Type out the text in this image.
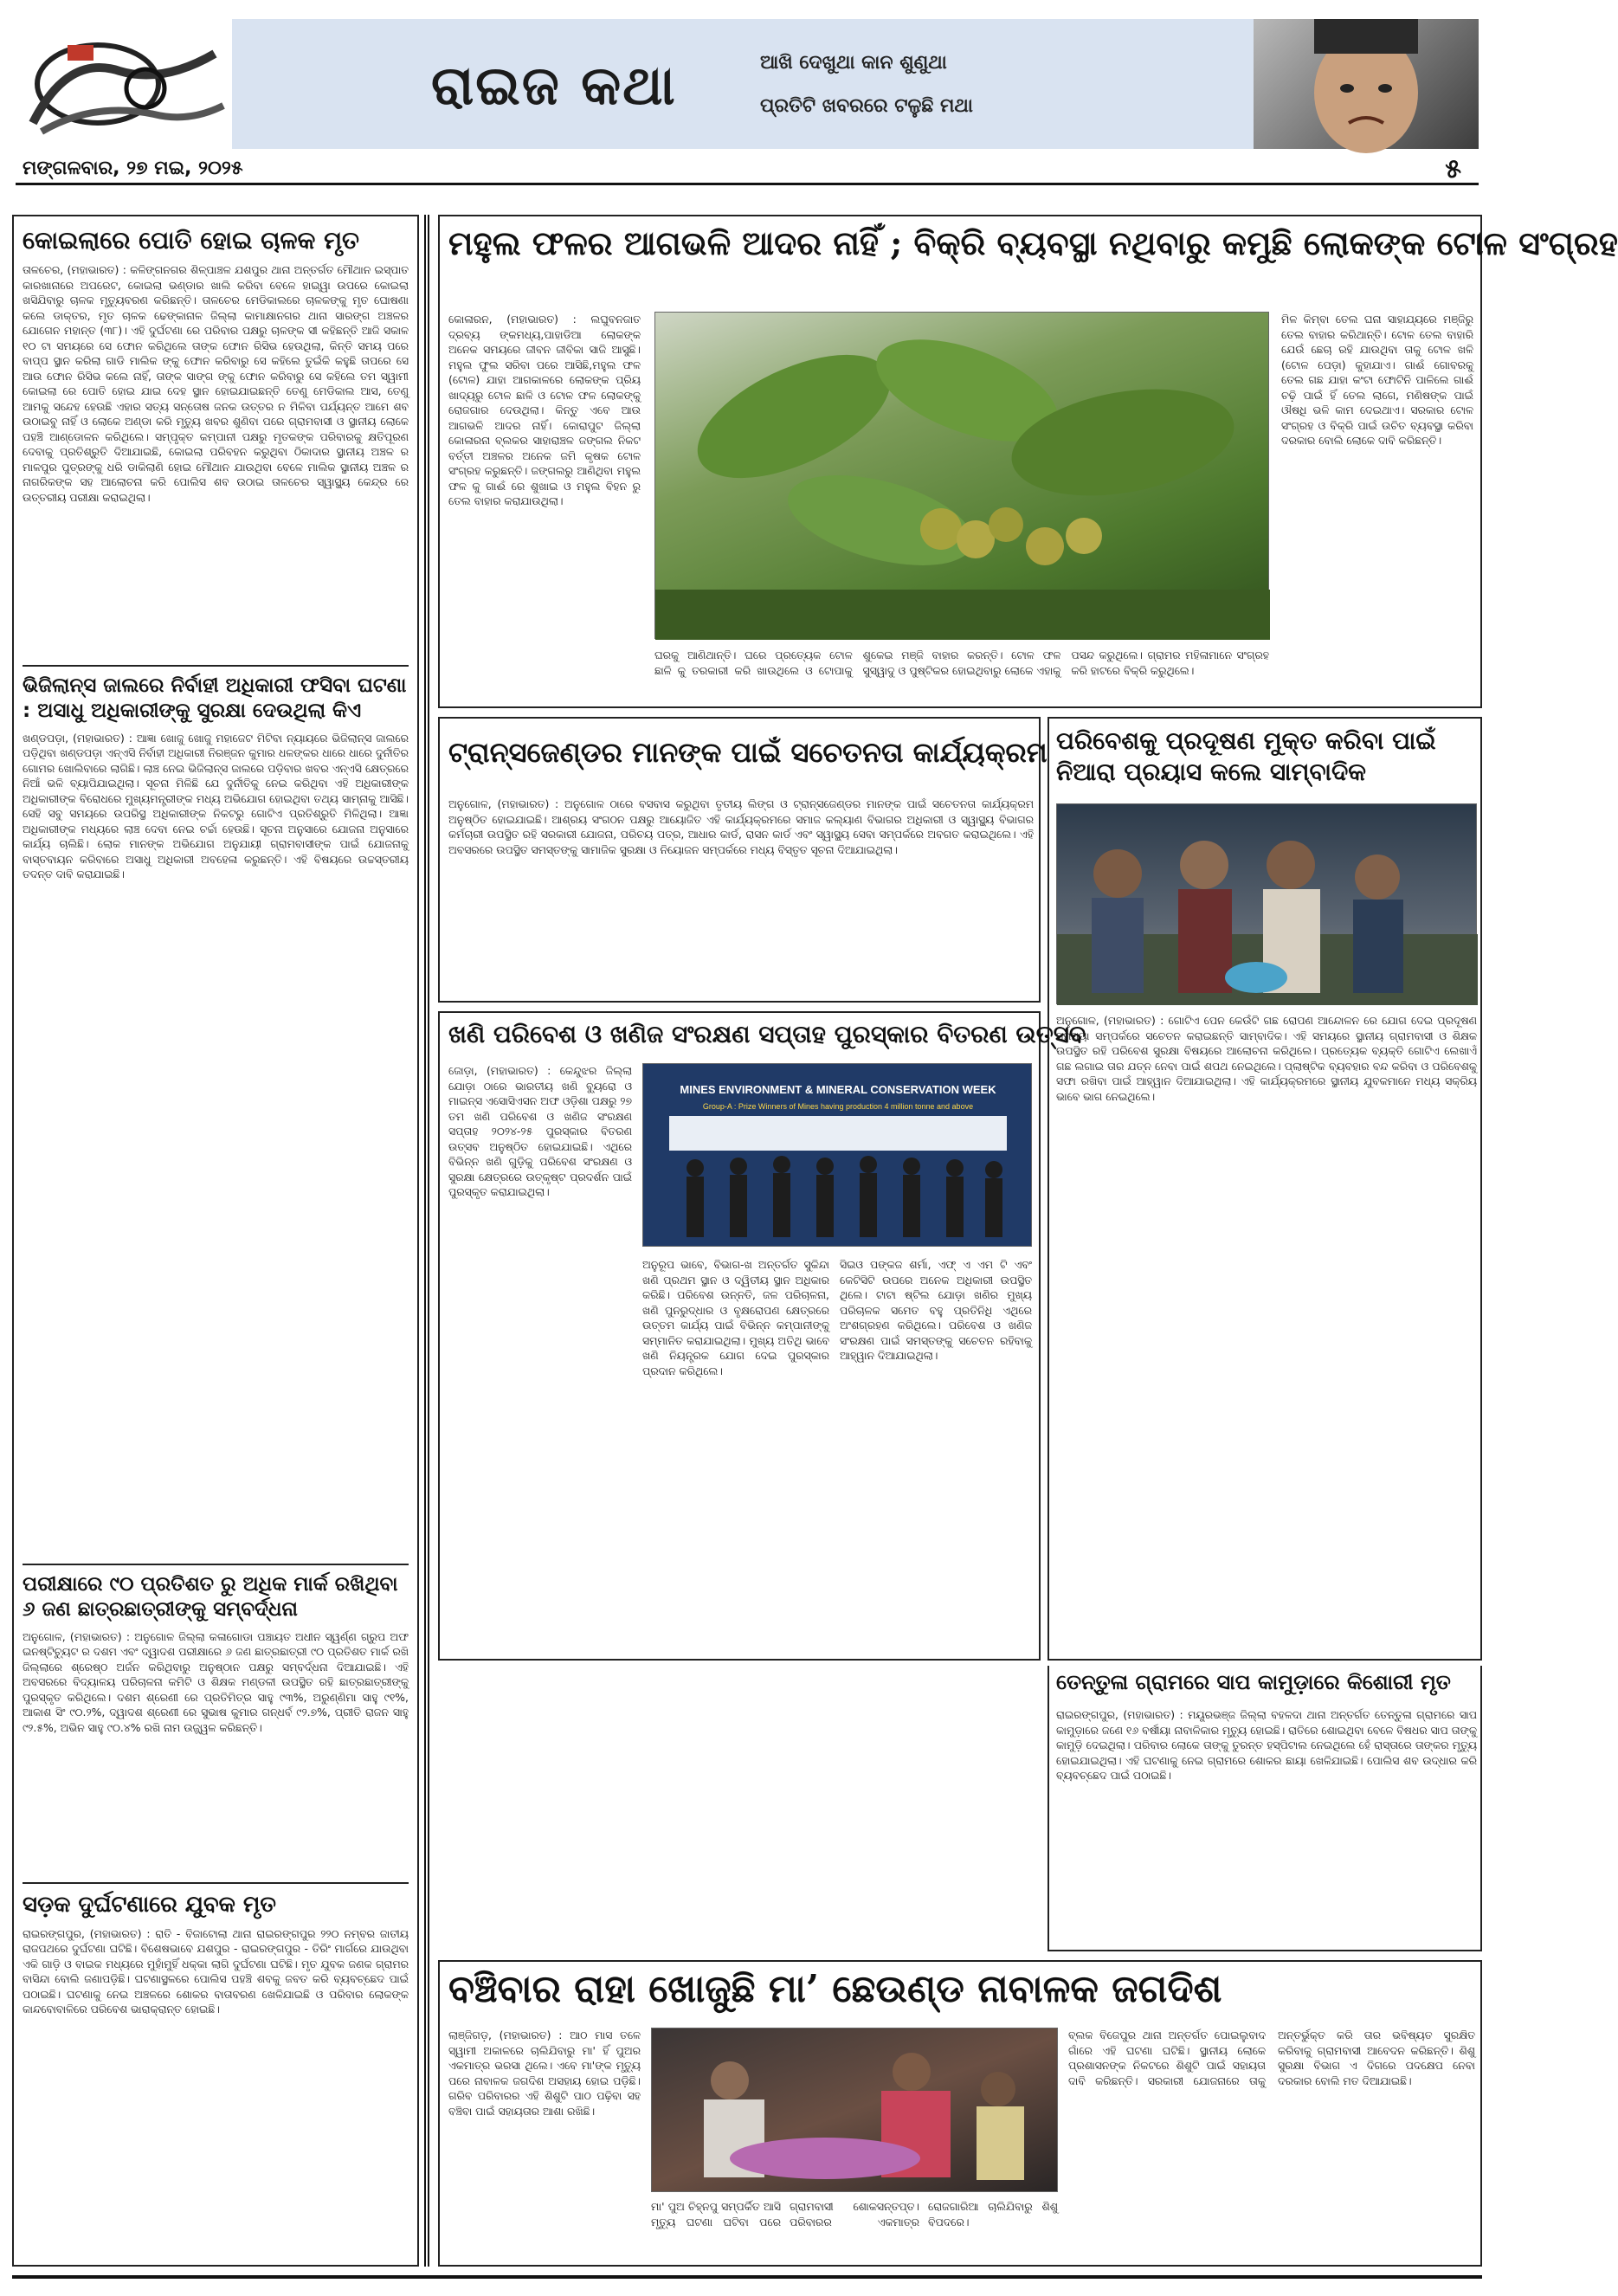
ରାଇଜ କଥା	ଆଖି ଦେଖୁଥା କାନ ଶୁଣୁଥା
ପ୍ରତିଟି ଖବରରେ ଟଳୁଛି ମଥା
ମଙ୍ଗଳବାର, ୨୭ ମଇ, ୨୦୨୫	୫
କୋଇଲାରେ ପୋତି ହୋଇ ଚାଳକ ମୃତ
ତାଳଚେର, (ମହାଭାରତ) : କଳିଙ୍ଗନଗର ଶିଳ୍ପାଞ୍ଚଳ ଯଶପୁର ଥାନା ଅନ୍ତର୍ଗତ ମୌଥାନ ଇସ୍ପାତ କାରଖାନାରେ ଅପରେଟ, କୋଇଲା ଭଣ୍ଡାର ଖାଲି କରିବା ବେଳେ ହାଇ୍ୱା ଉପରେ କୋଇଲା ଖସିଯିବାରୁ ଚାଳକ ମୃତ୍ୟୁବରଣ କରିଛନ୍ତି। ତାଳଚେର ମେଡିକାଲରେ ଚାଳକଙ୍କୁ ମୃତ ଘୋଷଣା କଲେ ଡାକ୍ତର, ମୃତ ଚାଳକ ଢେଙ୍କାନାଳ ଜିଲ୍ଲା କାମାକ୍ଷାନଗର ଥାନା ସାରଙ୍ଗ ଅଞ୍ଚଳର ଯୋଗେନ ମହାନ୍ତ (୩୮)। ଏହି ଦୁର୍ଘଟଣା ରେ ପରିବାର ପକ୍ଷରୁ ଚାଳଙ୍କ ସୀ କହିଛନ୍ତି ଆଜି ସକାଳ ୧୦ ଟା ସମୟରେ ସେ ଫୋନ କରିଥିଲେ ତାଙ୍କ ଫୋନ ରିସିଭ ହେଉଥିଲା, କିନ୍ତି ସମୟ ପରେ ବାପ୍ପ ସ୍ଥାନ କରିଲା ଗାଡି ମାଲିକ ଙ୍କୁ ଫୋନ କରିବାରୁ ସେ କହିଲେ ତୁଇଁକି କହୁଛି ତାପରେ ସେ ଆଉ ଫୋନ ରିସିଭ କଲେ ନାହିଁ, ତାଙ୍କ ସାଙ୍ଗ ଙ୍କୁ ଫୋନ କରିବାରୁ ସେ କହିଲେ ତମ ସ୍ୱାମୀ କୋଇଲା ରେ ପୋତି ହୋଇ ଯାଇ ଦେହ ସ୍ଥାନ ହୋଇଯାଇଛନ୍ତି ତେଣୁ ମେଡିକାଲ ଆସ, ତେଣୁ ଆମକୁ ସନ୍ଦେହ ହେଉଛି ଏହାର ସତ୍ୟ ସନ୍ତୋଷ ଜନକ ଉତ୍ତର ନ ମିଳିବା ପର୍ଯ୍ୟନ୍ତ ଆମେ ଶବ ଉଠାଇବୁ ନାହିଁ ଓ ଲୋକେ ଅଣ୍ଡା କରି ମୃତ୍ୟୁ ଖବର ଶୁଣିବା ପରେ ଗ୍ରାମବାସୀ ଓ ସ୍ଥାନୀୟ ଲୋକେ ପହଞ୍ଚି ଆଣ୍ଡୋଳନ କରିଥିଲେ। ସମ୍ପୃକ୍ତ କମ୍ପାନୀ ପକ୍ଷରୁ ମୃତକଙ୍କ ପରିବାରକୁ କ୍ଷତିପୂରଣ ଦେବାକୁ ପ୍ରତିଶ୍ରୁତି ଦିଆଯାଇଛି, କୋଇଲା ପରିବହନ କରୁଥିବା ଠିକାଦାର ସ୍ଥାନୀୟ ଅଞ୍ଚଳ ର ମାଳପୁର ପୁତ୍ରଙ୍କୁ ଧରି ଡାକିଲାଣି ହୋଇ ମୌଥାନ ଯାଉଥିବା ବେଳେ ମାଲିକ ସ୍ଥାନୀୟ ଅଞ୍ଚଳ ର ନାଗରିକଙ୍କ ସହ ଆଲୋଚନା କରି ପୋଲିସ ଶବ ଉଠାଇ ତାଳଚେର ସ୍ୱାସ୍ଥ୍ୟ କେନ୍ଦ୍ର ରେ ଉତ୍ତରୀୟ ପରୀକ୍ଷା କରାଇଥିଲା।
ଭିଜିଲାନ୍ସ ଜାଲରେ ନିର୍ବାହୀ ଅଧିକାରୀ ଫସିବା ଘଟଣା : ଅସାଧୁ ଅଧିକାରୀଙ୍କୁ ସୁରକ୍ଷା ଦେଉଥିଲା କିଏ
ଖଣ୍ଡପଡ଼ା, (ମହାଭାରତ) : ଆଜ୍ଞା ଖୋଜୁ ଖୋଜୁ ମହାଜେଟ ମିଟିବା ନ୍ୟାୟରେ ଭିଜିଲାନ୍ସ ଜାଲରେ ପଡ଼ିଥିବା ଖଣ୍ଡପଡ଼ା ଏନ୍ଏସି ନିର୍ବାହୀ ଅଧିକାରୀ ନିରଞ୍ଜନ କୁମାର ଧଳଙ୍କର ଧାରେ ଧାରେ ଦୁର୍ନୀତିର ଗୋମର ଖୋଲିବାରେ ଲାଗିଛି। ଲାଞ୍ଚ ନେଇ ଭିଜିଲାନ୍ସ ଜାଲରେ ପଡ଼ିବାର ଖବର ଏନ୍ଏସି କ୍ଷେତ୍ରରେ ନିଆଁ ଭଳି ବ୍ୟାପିଯାଇଥିଲା। ସୂଚନା ମିଳିଛି ଯେ ଦୁର୍ନୀତିକୁ ନେଇ କରିଥିବା ଏହି ଅଧିକାରୀଙ୍କ ଅଧିକାରୀଙ୍କ ବିରୋଧରେ ମୁଖ୍ୟମନ୍ତ୍ରୀଙ୍କ ମଧ୍ୟ ଅଭିଯୋଗ ହୋଇଥିବା ତଥ୍ୟ ସାମ୍ନାକୁ ଆସିଛି। ସେହି ସବୁ ସମୟରେ ଉପରିସ୍ଥ ଅଧିକାରୀଙ୍କ ନିକଟରୁ ଗୋଟିଏ ପ୍ରତିଶ୍ରୁତି ମିଳିଥିଲା। ଆଜ୍ଞା ଅଧିକାରୀଙ୍କ ମଧ୍ୟରେ ଲାଞ୍ଚ ଦେବା ନେଇ ଚର୍ଚ୍ଚା ହେଉଛି। ସୂଚନା ଅନୁସାରେ ଯୋଜନା ଅନୁସାରେ କାର୍ଯ୍ୟ ଚାଲିଛି। ଲୋକ ମାନଙ୍କ ଅଭିଯୋଗ ଅନୁଯାୟୀ ଗ୍ରାମବାସୀଙ୍କ ପାଇଁ ଯୋଜନାକୁ ବାସ୍ତବାୟନ କରିବାରେ ଅସାଧୁ ଅଧିକାରୀ ଅବହେଳା କରୁଛନ୍ତି। ଏହି ବିଷୟରେ ଉଚ୍ଚସ୍ତରୀୟ ତଦନ୍ତ ଦାବି କରାଯାଇଛି।
ପରୀକ୍ଷାରେ ୯୦ ପ୍ରତିଶତ ରୁ ଅଧିକ ମାର୍କ ରଖିଥିବା ୬ ଜଣ ଛାତ୍ରଛାତ୍ରୀଙ୍କୁ ସମ୍ବର୍ଦ୍ଧନା
ଅନୁଗୋଳ, (ମହାଭାରତ) : ଅନୁଗୋଳ ଜିଲ୍ଲା କଳାଗୋଡା ପଞ୍ଚାୟତ ଅଧୀନ ସ୍ୱର୍ଣ୍ଣ ଗ୍ରୁପ ଅଫ ଇନଷ୍ଟିଚ୍ୟୁଟ ର ଦଶମ ଏବଂ ଦ୍ୱାଦଶ ପରୀକ୍ଷାରେ ୬ ଜଣ ଛାତ୍ରଛାତ୍ରୀ ୯୦ ପ୍ରତିଶତ ମାର୍କ ରଖି ଜିଲ୍ଲାରେ ଶ୍ରେଷ୍ଠ ଅର୍ଜନ କରିଥିବାରୁ ଅନୁଷ୍ଠାନ ପକ୍ଷରୁ ସମ୍ବର୍ଦ୍ଧନା ଦିଆଯାଇଛି। ଏହି ଅବସରରେ ବିଦ୍ୟାଳୟ ପରିଚାଳନା କମିଟି ଓ ଶିକ୍ଷକ ମଣ୍ଡଳୀ ଉପସ୍ଥିତ ରହି ଛାତ୍ରଛାତ୍ରୀଙ୍କୁ ପୁରସ୍କୃତ କରିଥିଲେ। ଦଶମ ଶ୍ରେଣୀ ରେ ପ୍ରତିମିତ୍ର ସାହୁ ୯୩%, ଅରୁଣ୍ଣିମା ସାହୁ ୯୧%, ଆକାଶ ସିଂ ୯୦.୨%, ଦ୍ୱାଦଶ ଶ୍ରେଣୀ ରେ ସୁଭାଷ କୁମାର ଗନ୍ଧର୍ବ ୯୨.୭%, ପ୍ରୀତି ରାଜନ ସାହୁ ୯୨.୫%, ଅଭିନ ସାହୁ ୯୦.୪% ରଖି ନାମ ଉଜ୍ଜ୍ୱଳ କରିଛନ୍ତି।
ସଡ଼କ ଦୁର୍ଘଟଣାରେ ଯୁବକ ମୃତ
ରାଇରଙ୍ଗପୁର, (ମହାଭାରତ) : ରାତି - ବିଜାଟୋଲା ଥାନା ରାଇରଙ୍ଗପୁର ୨୨୦ ନମ୍ବର ଜାତୀୟ ରାଜପଥରେ ଦୁର୍ଘଟଣା ଘଟିଛି। ବିଶେଷଭାବେ ଯଶପୁର - ରାଇରଙ୍ଗପୁର - ତିରିଂ ମାର୍ଗରେ ଯାଉଥିବା ଏକି ଗାଡ଼ି ଓ ବାଇକ ମଧ୍ୟରେ ମୁହାଁମୁହିଁ ଧକ୍କା ଲାଗି ଦୁର୍ଘଟଣା ଘଟିଛି। ମୃତ ଯୁବକ ଜଣକ ଗ୍ରାମର ବାସିନ୍ଦା ବୋଲି ଜଣାପଡ଼ିଛି। ଘଟଣାସ୍ଥଳରେ ପୋଲିସ ପହଞ୍ଚି ଶବକୁ ଜବତ କରି ବ୍ୟବଚ୍ଛେଦ ପାଇଁ ପଠାଇଛି। ଘଟଣାକୁ ନେଇ ଅଞ୍ଚଳରେ ଶୋକର ବାତାବରଣ ଖେଳିଯାଇଛି ଓ ପରିବାର ଲୋକଙ୍କ କାନ୍ଦବୋବାଳିରେ ପରିବେଶ ଭାରାକ୍ରାନ୍ତ ହୋଇଛି।
ମହୁଲ ଫଳର ଆଗଭଳି ଆଦର ନାହିଁ ; ବିକ୍ରି ବ୍ୟବସ୍ଥା ନଥିବାରୁ କମୁଛି ଲୋକଙ୍କ ଟୋଳ ସଂଗ୍ରହ
କୋଳାରନ, (ମହାଭାରତ) : ଲଘୁବନଜାତ ଦ୍ରବ୍ୟ ଙ୍କମଧ୍ୟ,ପାହାଡିଆ ଲୋକଙ୍କ ଅନେକ ସମୟରେ ଜୀବନ ଜୀବିକା ସାଜି ଆସୁଛି। ମହୁଲ ଫୁଲ ସରିବା ପରେ ଆସିଛି,ମହୁଲ ଫଳ (ଟୋଳ) ଯାହା ଆଗକାଳରେ ଲୋକଙ୍କ ପ୍ରିୟ ଖାଦ୍ୟରୁ ଟୋଳ ଛାଳି ଓ ଟୋଳ ଫଳ ଲୋକଙ୍କୁ ରୋଜଗାର ଦେଉଥିଲା। କିନ୍ତୁ ଏବେ ଆଉ ଆଗଭଳି ଆଦର ନାହିଁ। କୋରାପୁଟ ଜିଲ୍ଲା କୋଳାରନା ବ୍ଲକର ସାହାରାଞ୍ଚଳ ଜଙ୍ଗଲ ନିକଟ ବର୍ତ୍ତୀ ଅଞ୍ଚଳର ଅନେକ ଜମି କୃଷକ ଟୋଳ ସଂଗ୍ରହ କରୁଛନ୍ତି। ଜଙ୍ଗଲରୁ ଆଣିଥିବା ମହୁଲ ଫଳ କୁ ଗାଈଁ ରେ ଶୁଖାଇ ଓ ମହୁଲ ବିହନ ରୁ ତେଲ ବାହାର କରାଯାଉଥିଲା।
ଘରକୁ ଆଣିଥାନ୍ତି। ଘରେ ପ୍ରତ୍ୟେକ ଟୋଳ ଛାଳି କୁ ତରକାରୀ କରି ଖାଉଥିଲେ ଓ ଟୋପାକୁ ଶୁକେଇ ମଞ୍ଜି ବାହାର କରନ୍ତି। ଟୋଳ ଫଳ ସୁସ୍ୱାଦୁ ଓ ପୁଷ୍ଟିକର ହୋଇଥିବାରୁ ଲୋକେ ଏହାକୁ ପସନ୍ଦ କରୁଥିଲେ। ଗ୍ରାମର ମହିଳାମାନେ ସଂଗ୍ରହ କରି ହାଟରେ ବିକ୍ରି କରୁଥିଲେ।
ମିଳ କିମ୍ବା ତେଲ ଘନା ସାହାଯ୍ୟରେ ମଞ୍ଜିରୁ ତେଲ ବାହାର କରିଥାନ୍ତି। ଟୋଳ ତେଲ ବାହାରି ଯେଉଁ ଛେଚା ରହି ଯାଉଥିବା ତାକୁ ଟୋଳ ଖଳି (ଟୋଳ ପେଡ଼ା) କୁହାଯାଏ। ଗାଈଁ ଗୋବରକୁ ତେଲ ଗଛ ଯାହା କଂଟା ଫୋଟିନି ପାଳିଲେ ଗାଈଁ ଚଢ଼ି ପାଇଁ ହିଁ ତେଲ ଲାଗେ, ମଣିଷଙ୍କ ପାଇଁ ଔଷଧି ଭଳି କାମ ଦେଇଥାଏ। ସରକାର ଟୋଳ ସଂଗ୍ରହ ଓ ବିକ୍ରି ପାଇଁ ଉଚିତ ବ୍ୟବସ୍ଥା କରିବା ଦରକାର ବୋଲି ଲୋକେ ଦାବି କରିଛନ୍ତି।
ଟ୍ରାନ୍ସଜେଣ୍ଡର ମାନଙ୍କ ପାଇଁ ସଚେତନତା କାର୍ଯ୍ୟକ୍ରମ
ଅନୁଗୋଳ, (ମହାଭାରତ) : ଅନୁଗୋଳ ଠାରେ ବସବାସ କରୁଥିବା ତୃତୀୟ ଲିଙ୍ଗ ଓ ଟ୍ରାନ୍ସଜେଣ୍ଡର ମାନଙ୍କ ପାଇଁ ସଚେତନତା କାର୍ଯ୍ୟକ୍ରମ ଅନୁଷ୍ଠିତ ହୋଇଯାଇଛି। ଆଶ୍ରୟ ସଂଗଠନ ପକ୍ଷରୁ ଆୟୋଜିତ ଏହି କାର୍ଯ୍ୟକ୍ରମରେ ସମାଜ କଲ୍ୟାଣ ବିଭାଗର ଅଧିକାରୀ ଓ ସ୍ୱାସ୍ଥ୍ୟ ବିଭାଗର କର୍ମଚାରୀ ଉପସ୍ଥିତ ରହି ସରକାରୀ ଯୋଜନା, ପରିଚୟ ପତ୍ର, ଆଧାର କାର୍ଡ, ରାସନ କାର୍ଡ ଏବଂ ସ୍ୱାସ୍ଥ୍ୟ ସେବା ସମ୍ପର୍କରେ ଅବଗତ କରାଇଥିଲେ। ଏହି ଅବସରରେ ଉପସ୍ଥିତ ସମସ୍ତଙ୍କୁ ସାମାଜିକ ସୁରକ୍ଷା ଓ ନିୟୋଜନ ସମ୍ପର୍କରେ ମଧ୍ୟ ବିସ୍ତୃତ ସୂଚନା ଦିଆଯାଇଥିଲା।
ପରିବେଶକୁ ପ୍ରଦୂଷଣ ମୁକ୍ତ କରିବା ପାଇଁ ନିଆରା ପ୍ରୟାସ କଲେ ସାମ୍ବାଦିକ
ଅନୁଗୋଳ, (ମହାଭାରତ) : ଗୋଟିଏ ପେନ କେଉଁଟି ଗଛ ରୋପଣ ଆନ୍ଦୋଳନ ରେ ଯୋଗ ଦେଇ ପ୍ରଦୂଷଣ ସମସ୍ୟା ସମ୍ପର୍କରେ ସଚେତନ କରାଇଛନ୍ତି ସାମ୍ବାଦିକ। ଏହି ସମୟରେ ସ୍ଥାନୀୟ ଗ୍ରାମବାସୀ ଓ ଶିକ୍ଷକ ଉପସ୍ଥିତ ରହି ପରିବେଶ ସୁରକ୍ଷା ବିଷୟରେ ଆଲୋଚନା କରିଥିଲେ। ପ୍ରତ୍ୟେକ ବ୍ୟକ୍ତି ଗୋଟିଏ ଲେଖାଏଁ ଗଛ ଲଗାଇ ତାର ଯତ୍ନ ନେବା ପାଇଁ ଶପଥ ନେଇଥିଲେ। ପ୍ଲାଷ୍ଟିକ ବ୍ୟବହାର ବନ୍ଦ କରିବା ଓ ପରିବେଶକୁ ସଫା ରଖିବା ପାଇଁ ଆହ୍ୱାନ ଦିଆଯାଇଥିଲା। ଏହି କାର୍ଯ୍ୟକ୍ରମରେ ସ୍ଥାନୀୟ ଯୁବକମାନେ ମଧ୍ୟ ସକ୍ରିୟ ଭାବେ ଭାଗ ନେଇଥିଲେ।
ଖଣି ପରିବେଶ ଓ ଖଣିଜ ସଂରକ୍ଷଣ ସପ୍ତାହ ପୁରସ୍କାର ବିତରଣ ଉତ୍ସବ
ଜୋଡ଼ା, (ମହାଭାରତ) : କେନ୍ଦୁଝର ଜିଲ୍ଲା ଯୋଡ଼ା ଠାରେ ଭାରତୀୟ ଖଣି ବ୍ୟୁରୋ ଓ ମାଇନ୍ସ ଏସୋସିଏସନ ଅଫ ଓଡ଼ିଶା ପକ୍ଷରୁ ୨୭ ତମ ଖଣି ପରିବେଶ ଓ ଖଣିଜ ସଂରକ୍ଷଣ ସପ୍ତାହ ୨୦୨୪-୨୫ ପୁରସ୍କାର ବିତରଣ ଉତ୍ସବ ଅନୁଷ୍ଠିତ ହୋଇଯାଇଛି। ଏଥିରେ ବିଭିନ୍ନ ଖଣି ଗୁଡ଼ିକୁ ପରିବେଶ ସଂରକ୍ଷଣ ଓ ସୁରକ୍ଷା କ୍ଷେତ୍ରରେ ଉତ୍କୃଷ୍ଟ ପ୍ରଦର୍ଶନ ପାଇଁ ପୁରସ୍କୃତ କରାଯାଇଥିଲା।
MINES ENVIRONMENT & MINERAL CONSERVATION WEEK
Group-A : Prize Winners of Mines having production 4 million tonne and above
ଅନୁରୂପ ଭାବେ, ବିଭାଗ-ଖ ଅନ୍ତର୍ଗତ ସୁକିନ୍ଦା ଖଣି ପ୍ରଥମ ସ୍ଥାନ ଓ ଦ୍ୱିତୀୟ ସ୍ଥାନ ଅଧିକାର କରିଛି। ପରିବେଶ ଉନ୍ନତି, ଜଳ ପରିଚାଳନା, ଖଣି ପୁନରୁଦ୍ଧାର ଓ ବୃକ୍ଷରୋପଣ କ୍ଷେତ୍ରରେ ଉତ୍ତମ କାର୍ଯ୍ୟ ପାଇଁ ବିଭିନ୍ନ କମ୍ପାନୀଙ୍କୁ ସମ୍ମାନିତ କରାଯାଇଥିଲା। ମୁଖ୍ୟ ଅତିଥି ଭାବେ ଖଣି ନିୟନ୍ତ୍ରକ ଯୋଗ ଦେଇ ପୁରସ୍କାର ପ୍ରଦାନ କରିଥିଲେ।
ସିଇଓ ପଙ୍କଜ ଶର୍ମା, ଏଫ୍ ଏ ଏମ ଟି ଏବଂ କେଟିସିଟି ଉପରେ ଅନେକ ଅଧିକାରୀ ଉପସ୍ଥିତ ଥିଲେ। ଟାଟା ଷ୍ଟିଲ ଯୋଡ଼ା ଖଣିର ମୁଖ୍ୟ ପରିଚାଳକ ସମେତ ବହୁ ପ୍ରତିନିଧି ଏଥିରେ ଅଂଶଗ୍ରହଣ କରିଥିଲେ। ପରିବେଶ ଓ ଖଣିଜ ସଂରକ୍ଷଣ ପାଇଁ ସମସ୍ତଙ୍କୁ ସଚେତନ ରହିବାକୁ ଆହ୍ୱାନ ଦିଆଯାଇଥିଲା।
ତେନ୍ତୁଳା ଗ୍ରାମରେ ସାପ କାମୁଡ଼ାରେ କିଶୋରୀ ମୃତ
ରାଇରଙ୍ଗପୁର, (ମହାଭାରତ) : ମୟୂରଭଞ୍ଜ ଜିଲ୍ଲା ବହଳଦା ଥାନା ଅନ୍ତର୍ଗତ ତେନ୍ତୁଳା ଗ୍ରାମରେ ସାପ କାମୁଡ଼ାରେ ଜଣେ ୧୬ ବର୍ଷୀୟା ନାବାଳିକାର ମୃତ୍ୟୁ ହୋଇଛି। ରାତିରେ ଶୋଇଥିବା ବେଳେ ବିଷଧର ସାପ ତାଙ୍କୁ କାମୁଡ଼ି ଦେଇଥିଲା। ପରିବାର ଲୋକେ ତାଙ୍କୁ ତୁରନ୍ତ ହସ୍ପିଟାଲ ନେଇଥିଲେ ହେଁ ରାସ୍ତାରେ ତାଙ୍କର ମୃତ୍ୟୁ ହୋଇଯାଇଥିଲା। ଏହି ଘଟଣାକୁ ନେଇ ଗ୍ରାମରେ ଶୋକର ଛାୟା ଖେଳିଯାଇଛି। ପୋଲିସ ଶବ ଉଦ୍ଧାର କରି ବ୍ୟବଚ୍ଛେଦ ପାଇଁ ପଠାଇଛି।
ବଞ୍ଚିବାର ରାହା ଖୋଜୁଛି ମା’ ଛେଉଣ୍ଡ ନାବାଳକ ଜଗଦିଶ
ଲାଞ୍ଜିଗଡ଼, (ମହାଭାରତ) : ଆଠ ମାସ ତଳେ ସ୍ୱାମୀ ଅକାଳରେ ଚାଲିଯିବାରୁ ମା' ହିଁ ପୁଅର ଏକମାତ୍ର ଭରସା ଥିଲେ। ଏବେ ମା'ଙ୍କ ମୃତ୍ୟୁ ପରେ ନାବାଳକ ଜଗଦିଶ ଅସହାୟ ହୋଇ ପଡ଼ିଛି। ଗରିବ ପରିବାରର ଏହି ଶିଶୁଟି ପାଠ ପଢ଼ିବା ସହ ବଞ୍ଚିବା ପାଇଁ ସହାୟତାର ଆଶା ରଖିଛି।
ମା' ପୁଅ ଚିହ୍ନପୁ ସମ୍ପର୍କିତ ଆସି ମୃତ୍ୟୁ ଘଟଣା ଘଟିବା ପରେ ଗ୍ରାମବାସୀ ଶୋକସନ୍ତପ୍ତ। ପରିବାରର ଏକମାତ୍ର ରୋଜଗାରିଆ ଚାଲିଯିବାରୁ ଶିଶୁ ବିପଦରେ।
ବ୍ଲକ ବିଜେପୁର ଥାନା ଅନ୍ତର୍ଗତ ପୋଇଲୁବାଦ ଗାଁରେ ଏହି ଘଟଣା ଘଟିଛି। ସ୍ଥାନୀୟ ଲୋକେ ପ୍ରଶାସନଙ୍କ ନିକଟରେ ଶିଶୁଟି ପାଇଁ ସହାୟତା ଦାବି କରିଛନ୍ତି। ସରକାରୀ ଯୋଜନାରେ ତାକୁ ଅନ୍ତର୍ଭୁକ୍ତ କରି ତାର ଭବିଷ୍ୟତ ସୁରକ୍ଷିତ କରିବାକୁ ଗ୍ରାମବାସୀ ଆବେଦନ କରିଛନ୍ତି। ଶିଶୁ ସୁରକ୍ଷା ବିଭାଗ ଏ ଦିଗରେ ପଦକ୍ଷେପ ନେବା ଦରକାର ବୋଲି ମତ ଦିଆଯାଇଛି।
